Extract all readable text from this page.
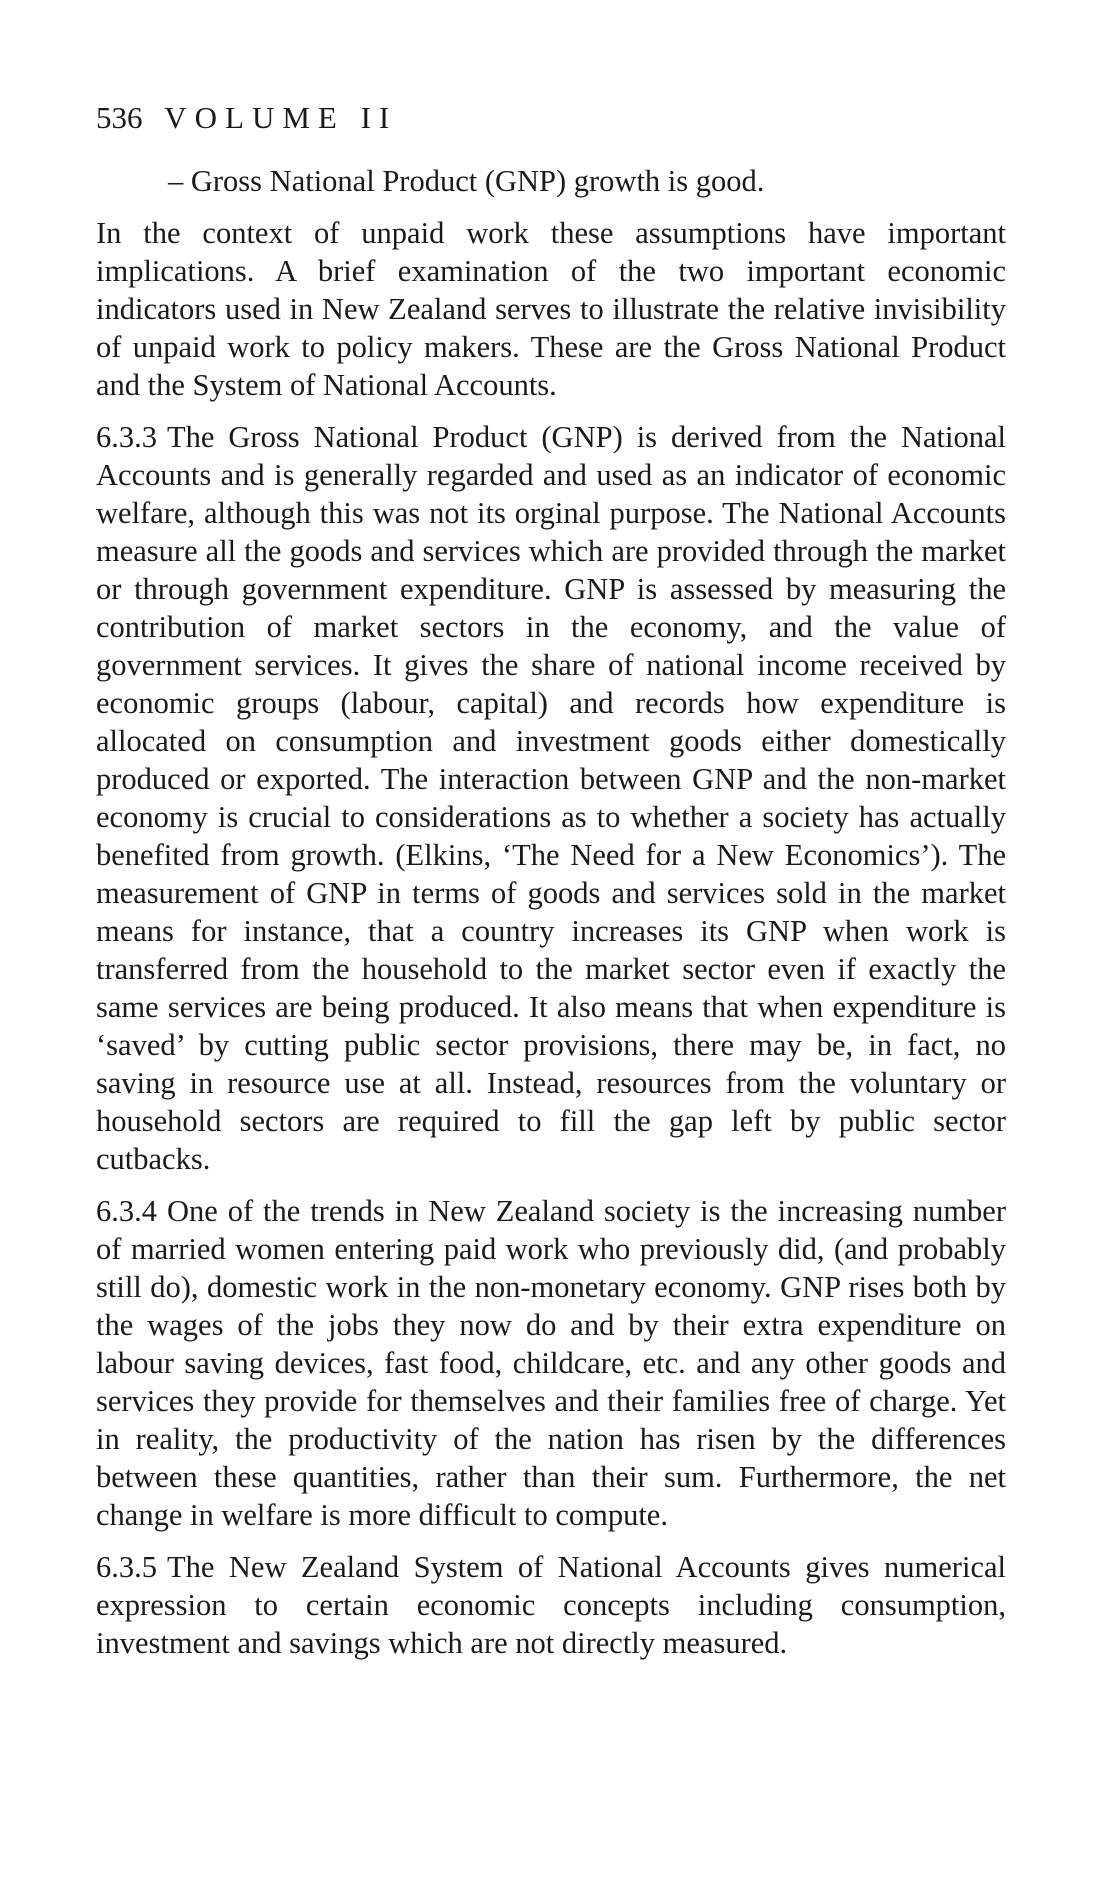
536 VOLUME II

– Gross National Product (GNP) growth is good.

In the context of unpaid work these assumptions have important implications. A brief examination of the two important economic indicators used in New Zealand serves to illustrate the relative invisibility of unpaid work to policy makers. These are the Gross National Product and the System of National Accounts.

6.3.3 The Gross National Product (GNP) is derived from the National Accounts and is generally regarded and used as an indicator of economic welfare, although this was not its orginal purpose. The National Accounts measure all the goods and services which are provided through the market or through government expenditure. GNP is assessed by measuring the contribution of market sectors in the economy, and the value of government services. It gives the share of national income received by economic groups (labour, capital) and records how expenditure is allocated on consumption and investment goods either domestically produced or exported. The interaction between GNP and the non-market economy is crucial to considerations as to whether a society has actually benefited from growth. (Elkins, ‘The Need for a New Economics’). The measurement of GNP in terms of goods and services sold in the market means for instance, that a country increases its GNP when work is transferred from the household to the market sector even if exactly the same services are being produced. It also means that when expenditure is ‘saved’ by cutting public sector provisions, there may be, in fact, no saving in resource use at all. Instead, resources from the voluntary or household sectors are required to fill the gap left by public sector cutbacks.

6.3.4 One of the trends in New Zealand society is the increasing number of married women entering paid work who previously did, (and probably still do), domestic work in the non-monetary economy. GNP rises both by the wages of the jobs they now do and by their extra expenditure on labour saving devices, fast food, childcare, etc. and any other goods and services they provide for themselves and their families free of charge. Yet in reality, the productivity of the nation has risen by the differences between these quantities, rather than their sum. Furthermore, the net change in welfare is more difficult to compute.

6.3.5 The New Zealand System of National Accounts gives numerical expression to certain economic concepts including consumption, investment and savings which are not directly measured.
